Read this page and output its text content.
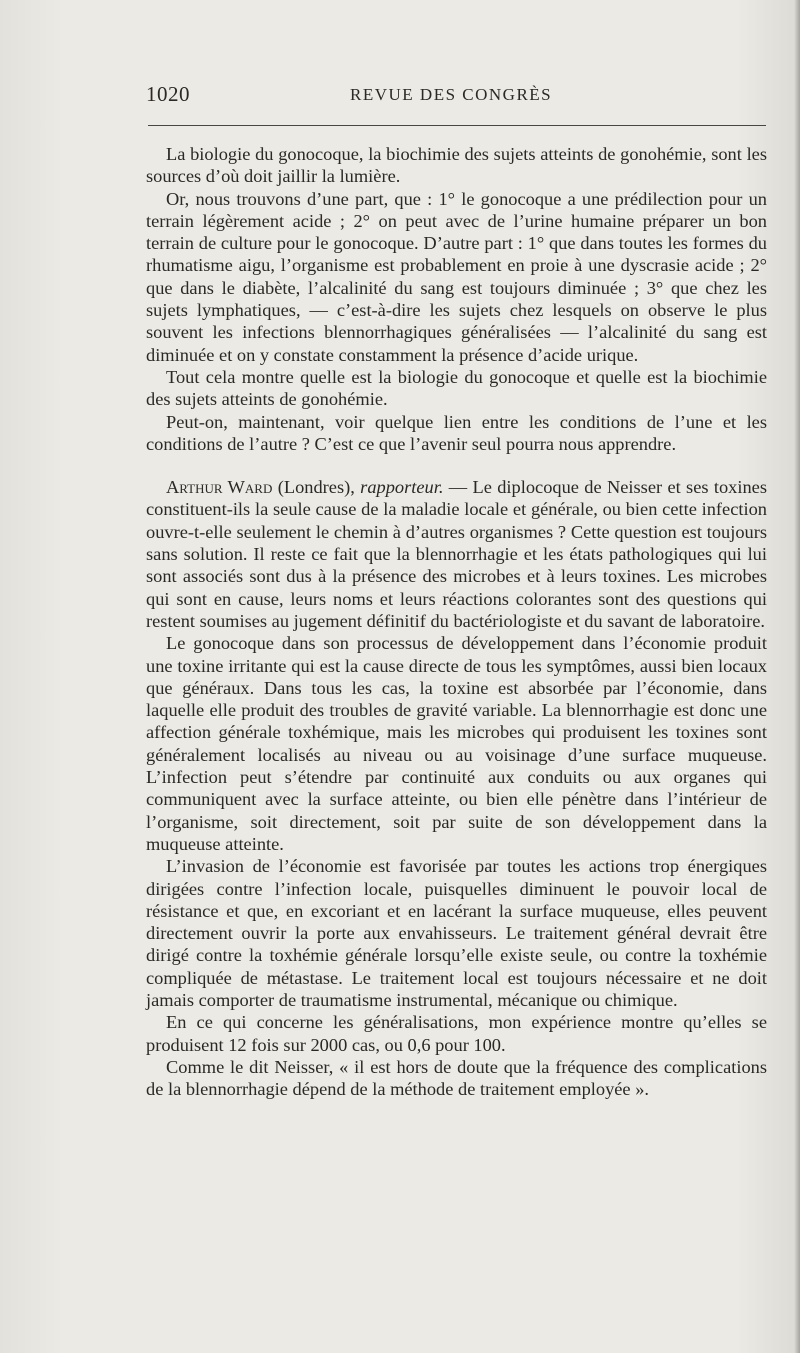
1020	REVUE DES CONGRÈS

La biologie du gonocoque, la biochimie des sujets atteints de gonohémie, sont les sources d’où doit jaillir la lumière.

Or, nous trouvons d’une part, que : 1° le gonocoque a une prédilection pour un terrain légèrement acide ; 2° on peut avec de l’urine humaine préparer un bon terrain de culture pour le gonocoque. D’autre part : 1° que dans toutes les formes du rhumatisme aigu, l’organisme est probablement en proie à une dyscrasie acide ; 2° que dans le diabète, l’alcalinité du sang est toujours diminuée ; 3° que chez les sujets lymphatiques, — c’est-à-dire les sujets chez lesquels on observe le plus souvent les infections blennorrhagiques généralisées — l’alcalinité du sang est diminuée et on y constate constamment la présence d’acide urique.

Tout cela montre quelle est la biologie du gonocoque et quelle est la biochimie des sujets atteints de gonohémie.

Peut-on, maintenant, voir quelque lien entre les conditions de l’une et les conditions de l’autre ? C’est ce que l’avenir seul pourra nous apprendre.

Arthur Ward (Londres), rapporteur. — Le diplocoque de Neisser et ses toxines constituent-ils la seule cause de la maladie locale et générale, ou bien cette infection ouvre-t-elle seulement le chemin à d’autres organismes ? Cette question est toujours sans solution. Il reste ce fait que la blennorrhagie et les états pathologiques qui lui sont associés sont dus à la présence des microbes et à leurs toxines. Les microbes qui sont en cause, leurs noms et leurs réactions colorantes sont des questions qui restent soumises au jugement définitif du bactériologiste et du savant de laboratoire.

Le gonocoque dans son processus de développement dans l’économie produit une toxine irritante qui est la cause directe de tous les symptômes, aussi bien locaux que généraux. Dans tous les cas, la toxine est absorbée par l’économie, dans laquelle elle produit des troubles de gravité variable. La blennorrhagie est donc une affection générale toxhémique, mais les microbes qui produisent les toxines sont généralement localisés au niveau ou au voisinage d’une surface muqueuse. L’infection peut s’étendre par continuité aux conduits ou aux organes qui communiquent avec la surface atteinte, ou bien elle pénètre dans l’intérieur de l’organisme, soit directement, soit par suite de son développement dans la muqueuse atteinte.

L’invasion de l’économie est favorisée par toutes les actions trop énergiques dirigées contre l’infection locale, puisquelles diminuent le pouvoir local de résistance et que, en excoriant et en lacérant la surface muqueuse, elles peuvent directement ouvrir la porte aux envahisseurs. Le traitement général devrait être dirigé contre la toxhémie générale lorsqu’elle existe seule, ou contre la toxhémie compliquée de métastase. Le traitement local est toujours nécessaire et ne doit jamais comporter de traumatisme instrumental, mécanique ou chimique.

En ce qui concerne les généralisations, mon expérience montre qu’elles se produisent 12 fois sur 2000 cas, ou 0,6 pour 100.

Comme le dit Neisser, « il est hors de doute que la fréquence des complications de la blennorrhagie dépend de la méthode de traitement employée ».
